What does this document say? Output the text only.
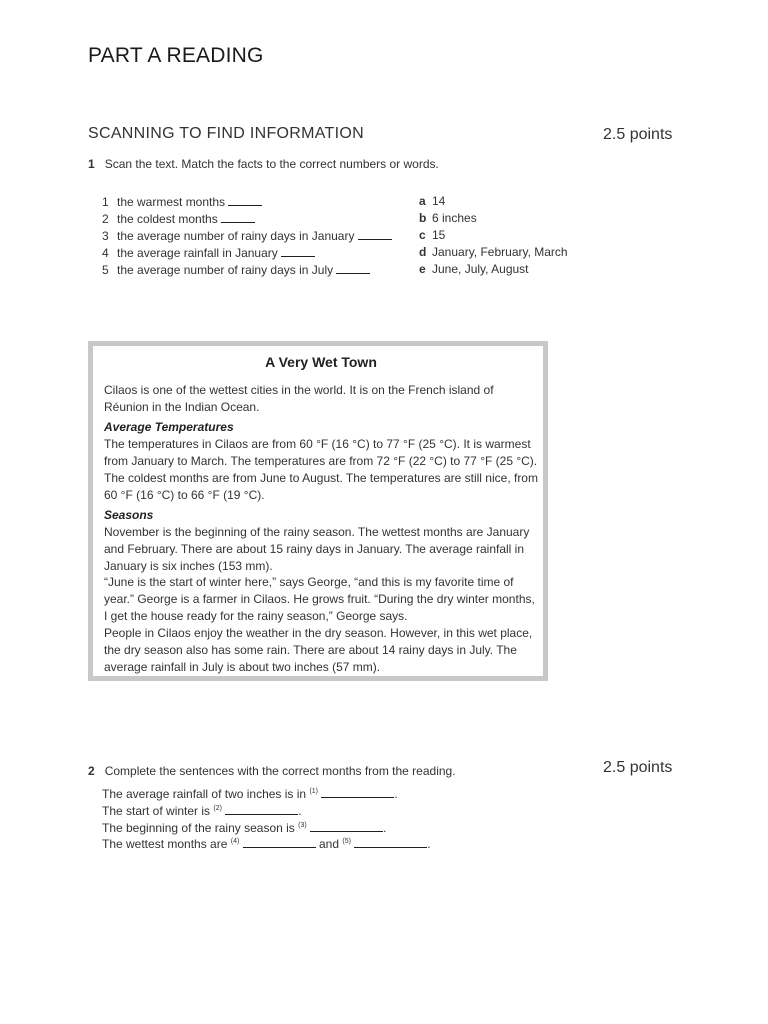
PART A READING
SCANNING TO FIND INFORMATION	2.5 points
1 Scan the text. Match the facts to the correct numbers or words.
1 the warmest months
2 the coldest months
3 the average number of rainy days in January
4 the average rainfall in January
5 the average number of rainy days in July
a 14
b 6 inches
c 15
d January, February, March
e June, July, August
A Very Wet Town
Cilaos is one of the wettest cities in the world. It is on the French island of Réunion in the Indian Ocean.
Average Temperatures
The temperatures in Cilaos are from 60 °F (16 °C) to 77 °F (25 °C). It is warmest from January to March. The temperatures are from 72 °F (22 °C) to 77 °F (25 °C). The coldest months are from June to August. The temperatures are still nice, from 60 °F (16 °C) to 66 °F (19 °C).
Seasons
November is the beginning of the rainy season. The wettest months are January and February. There are about 15 rainy days in January. The average rainfall in January is six inches (153 mm).
“June is the start of winter here,” says George, “and this is my favorite time of year.” George is a farmer in Cilaos. He grows fruit. “During the dry winter months, I get the house ready for the rainy season,” George says.
People in Cilaos enjoy the weather in the dry season. However, in this wet place, the dry season also has some rain. There are about 14 rainy days in July. The average rainfall in July is about two inches (57 mm).
2 Complete the sentences with the correct months from the reading.	2.5 points
The average rainfall of two inches is in $^{(1)}$	.
The start of winter is $^{(2)}$	.
The beginning of the rainy season is $^{(3)}$	.
The wettest months are $^{(4)}$	and $^{(5)}$	.
